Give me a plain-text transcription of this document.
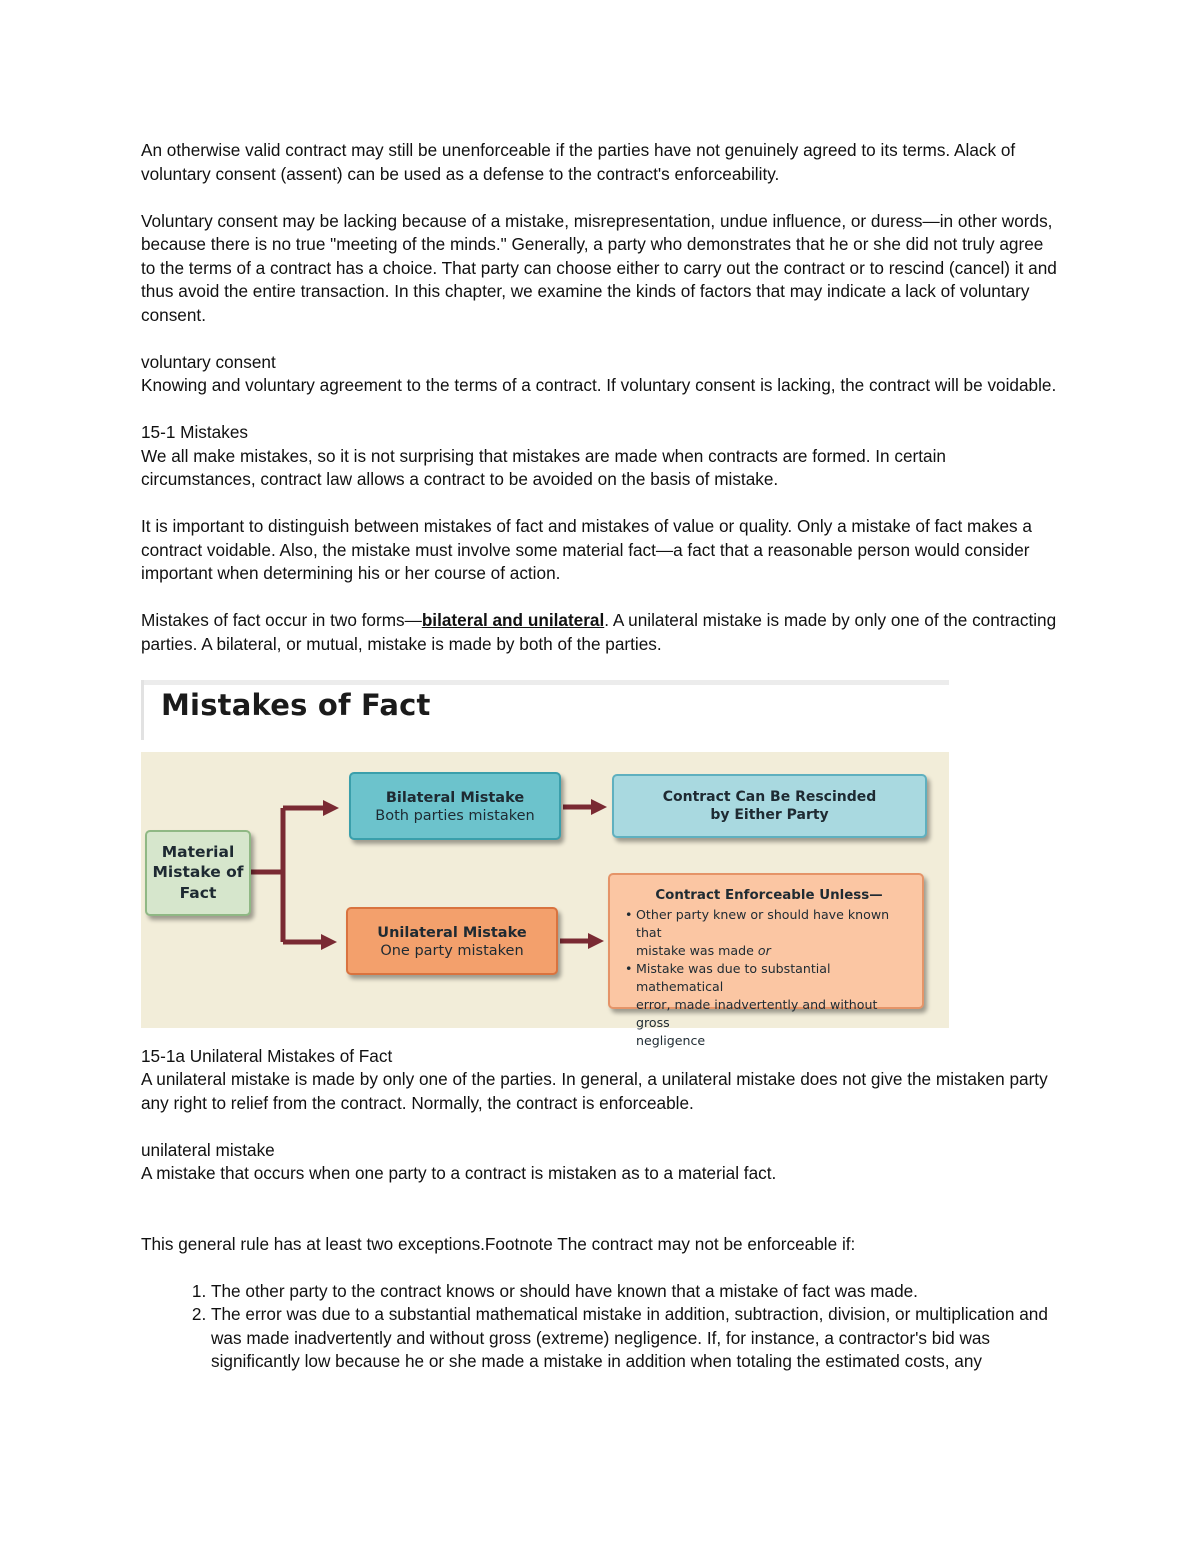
An otherwise valid contract may still be unenforceable if the parties have not genuinely agreed to its terms. Alack of voluntary consent (assent) can be used as a defense to the contract's enforceability.

Voluntary consent may be lacking because of a mistake, misrepresentation, undue influence, or duress—in other words, because there is no true "meeting of the minds." Generally, a party who demonstrates that he or she did not truly agree to the terms of a contract has a choice. That party can choose either to carry out the contract or to rescind (cancel) it and thus avoid the entire transaction. In this chapter, we examine the kinds of factors that may indicate a lack of voluntary consent.

voluntary consent

Knowing and voluntary agreement to the terms of a contract. If voluntary consent is lacking, the contract will be voidable.

15-1 Mistakes

We all make mistakes, so it is not surprising that mistakes are made when contracts are formed. In certain circumstances, contract law allows a contract to be avoided on the basis of mistake.

It is important to distinguish between mistakes of fact and mistakes of value or quality. Only a mistake of fact makes a contract voidable. Also, the mistake must involve some material fact—a fact that a reasonable person would consider important when determining his or her course of action.

Mistakes of fact occur in two forms—bilateral and unilateral. A unilateral mistake is made by only one of the contracting parties. A bilateral, or mutual, mistake is made by both of the parties.

Mistakes of Fact
Material
Mistake of
Fact
Bilateral Mistake
Both parties mistaken
Unilateral Mistake
One party mistaken
Contract Can Be Rescinded
by Either Party
Contract Enforceable Unless—
• Other party knew or should have known that
mistake was made or
• Mistake was due to substantial mathematical
error, made inadvertently and without gross
negligence

15-1a Unilateral Mistakes of Fact

A unilateral mistake is made by only one of the parties. In general, a unilateral mistake does not give the mistaken party any right to relief from the contract. Normally, the contract is enforceable.

unilateral mistake

A mistake that occurs when one party to a contract is mistaken as to a material fact.

This general rule has at least two exceptions.Footnote The contract may not be enforceable if:

1. The other party to the contract knows or should have known that a mistake of fact was made.
2. The error was due to a substantial mathematical mistake in addition, subtraction, division, or multiplication and was made inadvertently and without gross (extreme) negligence. If, for instance, a contractor's bid was significantly low because he or she made a mistake in addition when totaling the estimated costs, any
